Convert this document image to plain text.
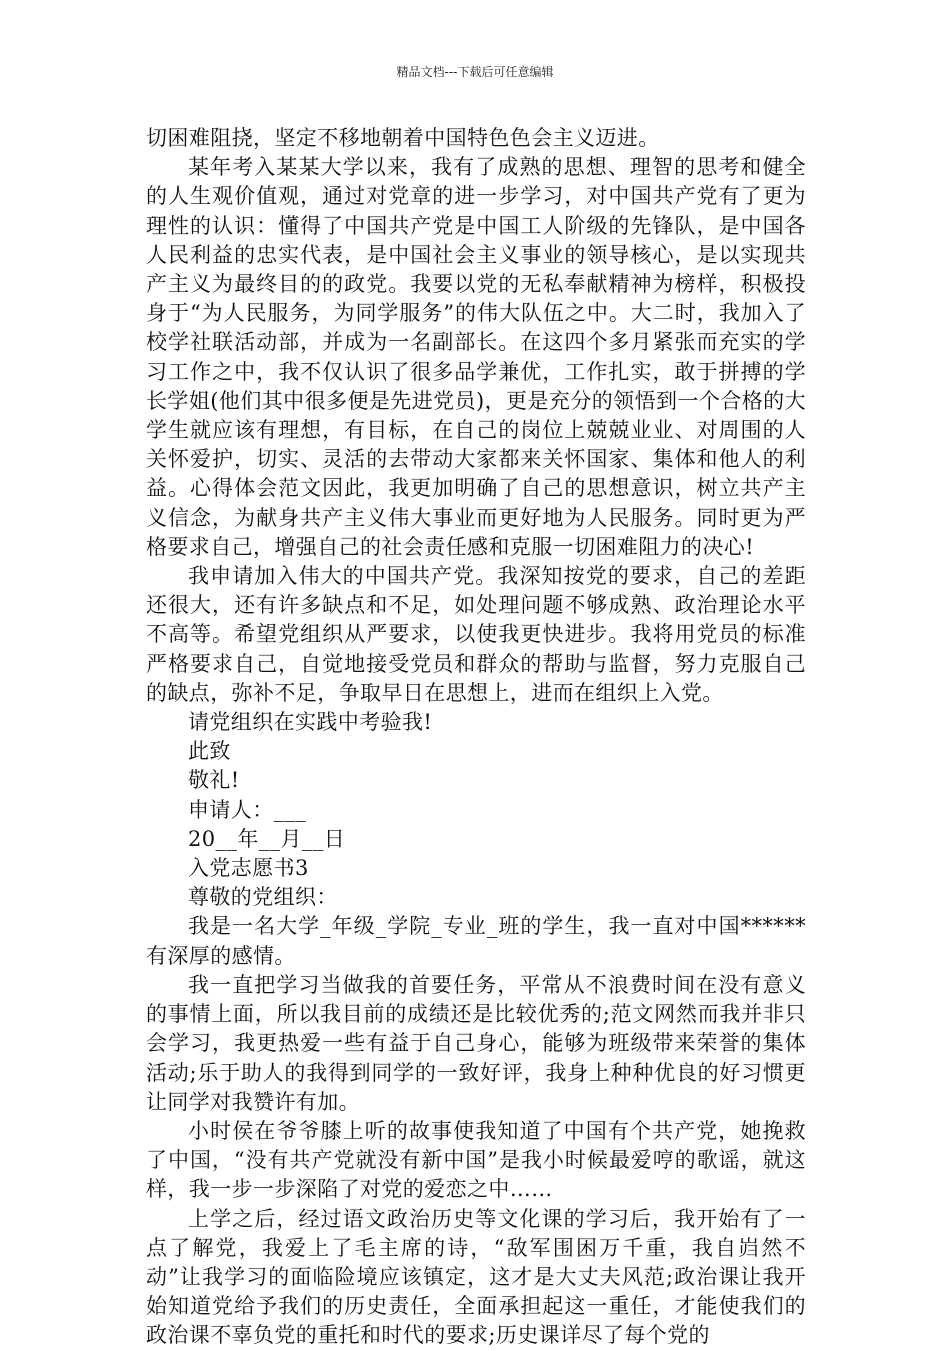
精品文档---下载后可任意编辑

切困难阻挠，坚定不移地朝着中国特色色会主义迈进。

某年考入某某大学以来，我有了成熟的思想、理智的思考和健全的人生观价值观，通过对党章的进一步学习，对中国共产党有了更为理性的认识：懂得了中国共产党是中国工人阶级的先锋队，是中国各人民利益的忠实代表，是中国社会主义事业的领导核心，是以实现共产主义为最终目的的政党。我要以党的无私奉献精神为榜样，积极投身于“为人民服务，为同学服务”的伟大队伍之中。大二时，我加入了校学社联活动部，并成为一名副部长。在这四个多月紧张而充实的学习工作之中，我不仅认识了很多品学兼优，工作扎实，敢于拼搏的学长学姐(他们其中很多便是先进党员)，更是充分的领悟到一个合格的大学生就应该有理想，有目标，在自己的岗位上兢兢业业、对周围的人关怀爱护，切实、灵活的去带动大家都来关怀国家、集体和他人的利益。心得体会范文因此，我更加明确了自己的思想意识，树立共产主义信念，为献身共产主义伟大事业而更好地为人民服务。同时更为严格要求自己，增强自己的社会责任感和克服一切困难阻力的决心!

我申请加入伟大的中国共产党。我深知按党的要求，自己的差距还很大，还有许多缺点和不足，如处理问题不够成熟、政治理论水平不高等。希望党组织从严要求，以使我更快进步。我将用党员的标准严格要求自己，自觉地接受党员和群众的帮助与监督，努力克服自己的缺点，弥补不足，争取早日在思想上，进而在组织上入党。

请党组织在实践中考验我!

此致

敬礼!

申请人：___

20__年__月__日

入党志愿书3

尊敬的党组织：

我是一名大学_年级_学院_专业_班的学生，我一直对中国******有深厚的感情。

我一直把学习当做我的首要任务，平常从不浪费时间在没有意义的事情上面，所以我目前的成绩还是比较优秀的;范文网然而我并非只会学习，我更热爱一些有益于自己身心，能够为班级带来荣誉的集体活动;乐于助人的我得到同学的一致好评，我身上种种优良的好习惯更让同学对我赞许有加。

小时侯在爷爷膝上听的故事使我知道了中国有个共产党，她挽救了中国，“没有共产党就没有新中国”是我小时候最爱哼的歌谣，就这样，我一步一步深陷了对党的爱恋之中……

上学之后，经过语文政治历史等文化课的学习后，我开始有了一点了解党，我爱上了毛主席的诗，“敌军围困万千重，我自岿然不动”让我学习的面临险境应该镇定，这才是大丈夫风范;政治课让我开始知道党给予我们的历史责任，全面承担起这一重任，才能使我们的政治课不辜负党的重托和时代的要求;历史课详尽了每个党的
